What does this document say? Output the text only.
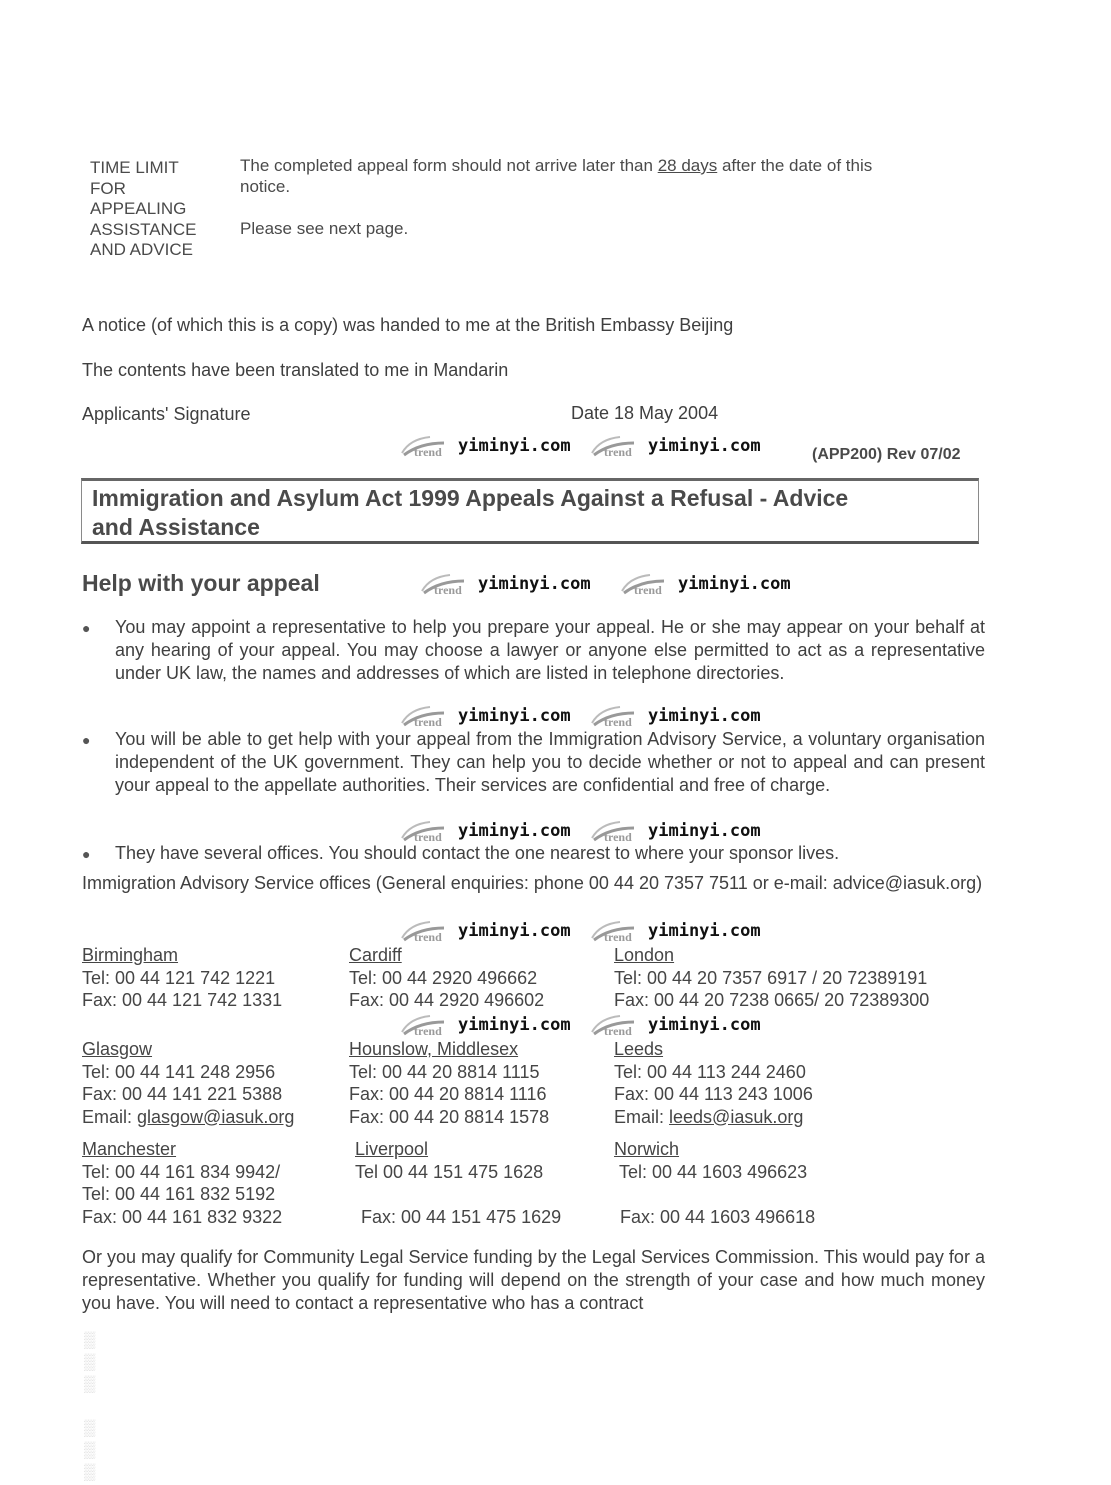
TIME LIMIT
FOR
APPEALING
ASSISTANCE
AND ADVICE
The completed appeal form should not arrive later than 28 days after the date of this
notice.
Please see next page.
A notice (of which this is a copy) was handed to me at the British Embassy Beijing
The contents have been translated to me in Mandarin
Applicants' Signature	Date 18 May 2004
trend yiminyi.com	trend yiminyi.com	(APP200) Rev 07/02
Immigration and Asylum Act 1999 Appeals Against a Refusal - Advice
and Assistance
Help with your appeal	trend yiminyi.com	trend yiminyi.com
● You may appoint a representative to help you prepare your appeal. He or she may appear on your behalf at any hearing of your appeal. You may choose a lawyer or anyone else permitted to act as a representative under UK law, the names and addresses of which are listed in telephone directories.
trend yiminyi.com	trend yiminyi.com
● You will be able to get help with your appeal from the Immigration Advisory Service, a voluntary organisation independent of the UK government. They can help you to decide whether or not to appeal and can present your appeal to the appellate authorities. Their services are confidential and free of charge.
trend yiminyi.com	trend yiminyi.com
● They have several offices. You should contact the one nearest to where your sponsor lives.
Immigration Advisory Service offices (General enquiries: phone 00 44 20 7357 7511 or e-mail: advice@iasuk.org)
trend yiminyi.com	trend yiminyi.com
Birmingham
Tel: 00 44 121 742 1221
Fax: 00 44 121 742 1331
Cardiff
Tel: 00 44 2920 496662
Fax: 00 44 2920 496602
London
Tel: 00 44 20 7357 6917 / 20 72389191
Fax: 00 44 20 7238 0665/ 20 72389300
trend yiminyi.com	trend yiminyi.com
Glasgow
Tel: 00 44 141 248 2956
Fax: 00 44 141 221 5388
Email: glasgow@iasuk.org
Hounslow, Middlesex
Tel: 00 44 20 8814 1115
Fax: 00 44 20 8814 1116
Fax: 00 44 20 8814 1578
Leeds
Tel: 00 44 113 244 2460
Fax: 00 44 113 243 1006
Email: leeds@iasuk.org
Manchester
Tel: 00 44 161 834 9942/
Tel: 00 44 161 832 5192
Fax: 00 44 161 832 9322
Liverpool
Tel 00 44 151 475 1628
Fax: 00 44 151 475 1629
Norwich
Tel: 00 44 1603 496623
Fax: 00 44 1603 496618
Or you may qualify for Community Legal Service funding by the Legal Services Commission. This would pay for a representative. Whether you qualify for funding will depend on the strength of your case and how much money you have. You will need to contact a representative who has a contract
▒
▒
▒

▒
▒
▒
